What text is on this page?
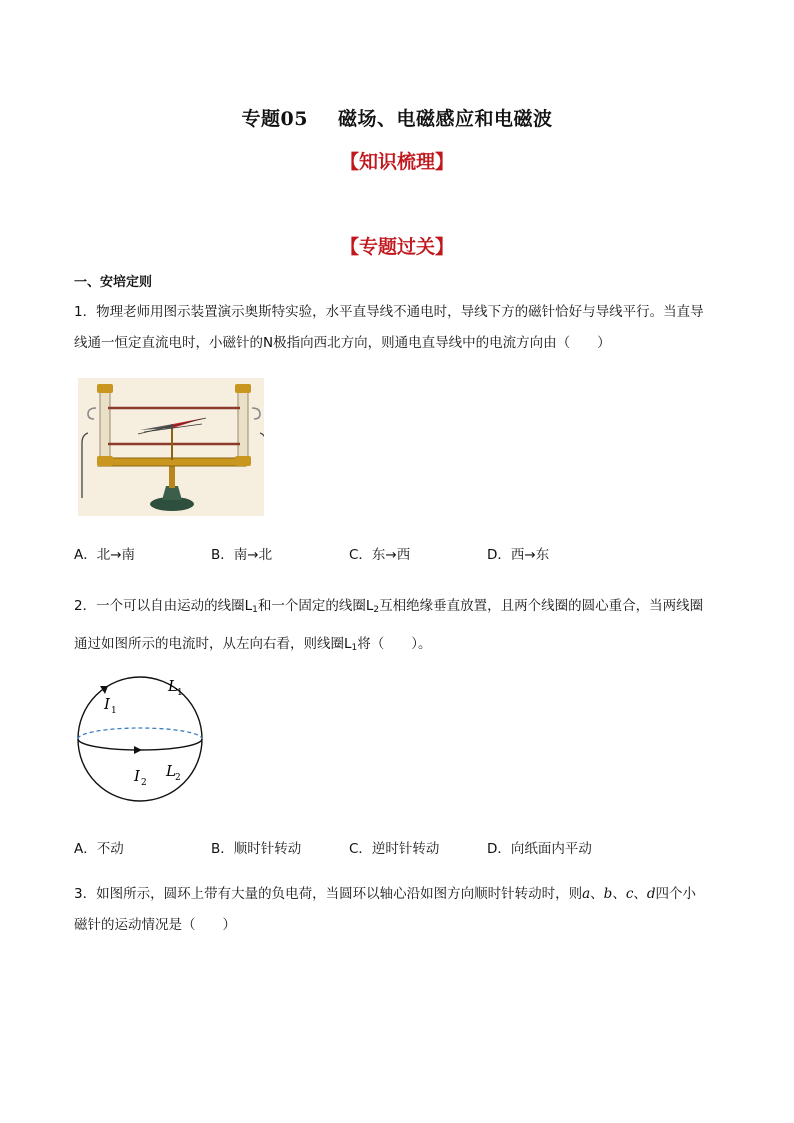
专题05 磁场、电磁感应和电磁波
【知识梳理】
【专题过关】
一、安培定则
1．物理老师用图示装置演示奥斯特实验，水平直导线不通电时，导线下方的磁针恰好与导线平行。当直导
线通一恒定直流电时，小磁针的N极指向西北方向，则通电直导线中的电流方向由（　　）
A．北→南	B．南→北	C．东→西	D．西→东
2．一个可以自由运动的线圈$L_1$和一个固定的线圈$L_2$互相绝缘垂直放置，且两个线圈的圆心重合，当两线圈
通过如图所示的电流时，从左向右看，则线圈$L_1$将（　　）。
I 1
L 1
I 2
L 2
A．不动	B．顺时针转动	C．逆时针转动	D．向纸面内平动
3．如图所示，圆环上带有大量的负电荷，当圆环以轴心沿如图方向顺时针转动时，则a、b、c、d四个小
磁针的运动情况是（　　）
